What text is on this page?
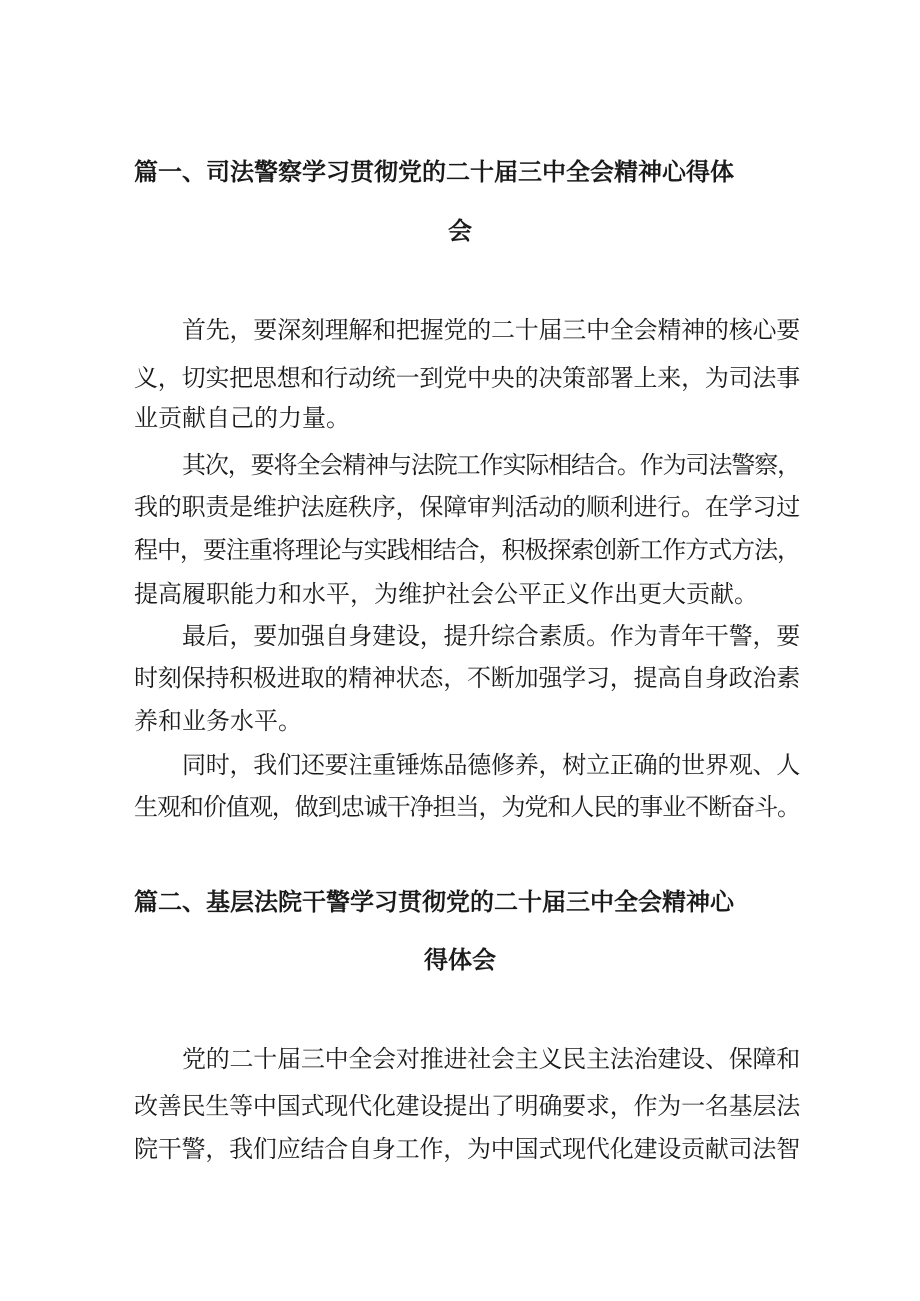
篇一、司法警察学习贯彻党的二十届三中全会精神心得体
会
首先，要深刻理解和把握党的二十届三中全会精神的核心要
义，切实把思想和行动统一到党中央的决策部署上来，为司法事
业贡献自己的力量。
其次，要将全会精神与法院工作实际相结合。作为司法警察，
我的职责是维护法庭秩序，保障审判活动的顺利进行。在学习过
程中，要注重将理论与实践相结合，积极探索创新工作方式方法，
提高履职能力和水平，为维护社会公平正义作出更大贡献。
最后，要加强自身建设，提升综合素质。作为青年干警，要
时刻保持积极进取的精神状态，不断加强学习，提高自身政治素
养和业务水平。
同时，我们还要注重锤炼品德修养，树立正确的世界观、人
生观和价值观，做到忠诚干净担当，为党和人民的事业不断奋斗。
篇二、基层法院干警学习贯彻党的二十届三中全会精神心
得体会
党的二十届三中全会对推进社会主义民主法治建设、保障和
改善民生等中国式现代化建设提出了明确要求，作为一名基层法
院干警，我们应结合自身工作，为中国式现代化建设贡献司法智
